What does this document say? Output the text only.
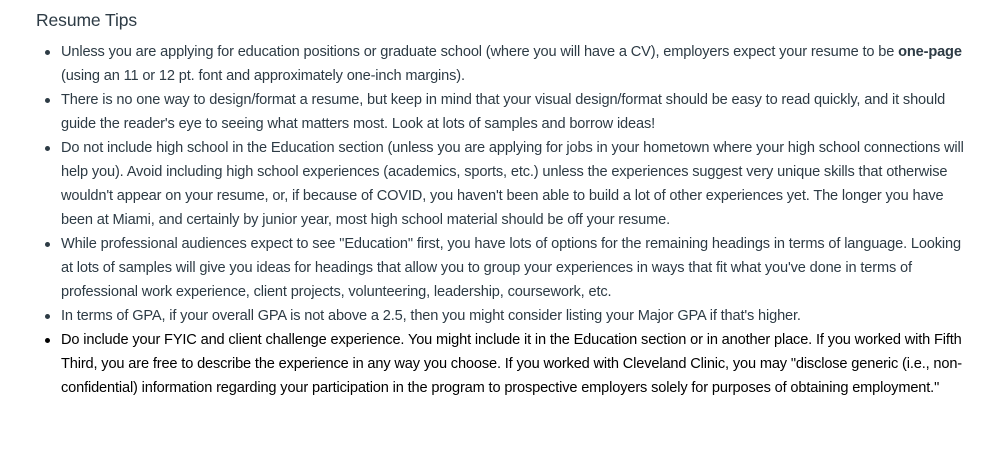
Resume Tips
Unless you are applying for education positions or graduate school (where you will have a CV), employers expect your resume to be one-page (using an 11 or 12 pt. font and approximately one-inch margins).
There is no one way to design/format a resume, but keep in mind that your visual design/format should be easy to read quickly, and it should guide the reader's eye to seeing what matters most. Look at lots of samples and borrow ideas!
Do not include high school in the Education section (unless you are applying for jobs in your hometown where your high school connections will help you). Avoid including high school experiences (academics, sports, etc.) unless the experiences suggest very unique skills that otherwise wouldn't appear on your resume, or, if because of COVID, you haven't been able to build a lot of other experiences yet. The longer you have been at Miami, and certainly by junior year, most high school material should be off your resume.
While professional audiences expect to see "Education" first, you have lots of options for the remaining headings in terms of language. Looking at lots of samples will give you ideas for headings that allow you to group your experiences in ways that fit what you've done in terms of professional work experience, client projects, volunteering, leadership, coursework, etc.
In terms of GPA, if your overall GPA is not above a 2.5, then you might consider listing your Major GPA if that's higher.
Do include your FYIC and client challenge experience. You might include it in the Education section or in another place. If you worked with Fifth Third, you are free to describe the experience in any way you choose. If you worked with Cleveland Clinic, you may "disclose generic (i.e., non-confidential) information regarding your participation in the program to prospective employers solely for purposes of obtaining employment."
